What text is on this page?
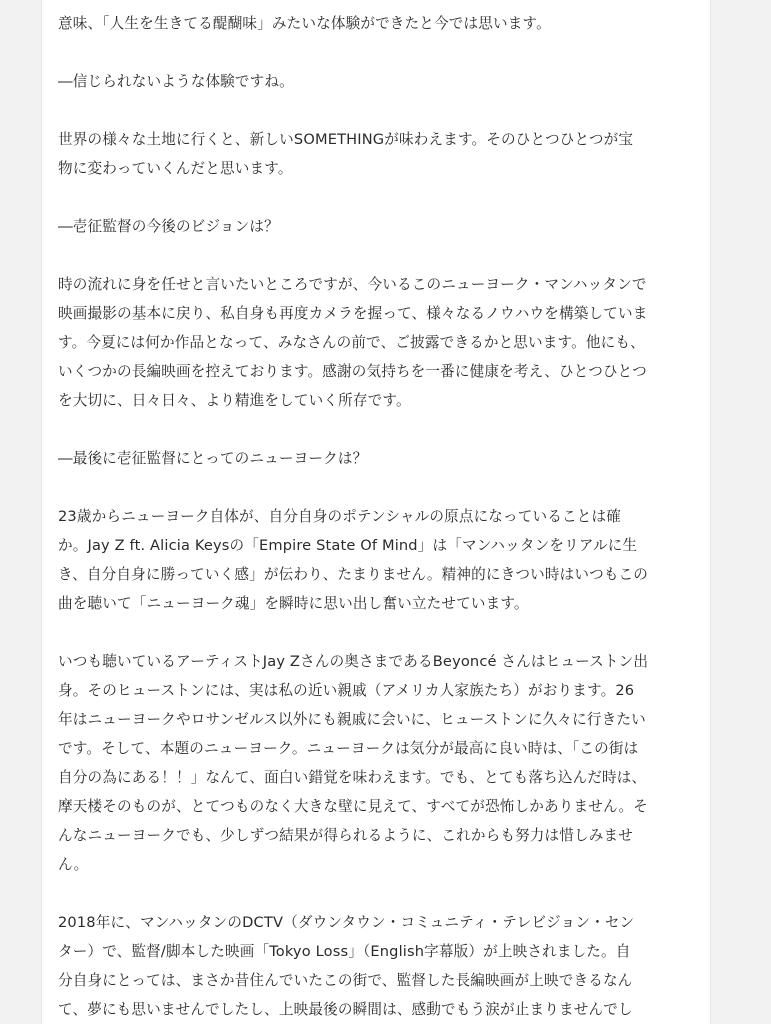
意味、「人生を生きてる醍醐味」みたいな体験ができたと今では思います。
―信じられないような体験ですね。
世界の様々な土地に行くと、新しいSOMETHINGが味わえます。そのひとつひとつが宝
物に変わっていくんだと思います。
―壱征監督の今後のビジョンは？
時の流れに身を任せと言いたいところですが、今いるこのニューヨーク・マンハッタンで
映画撮影の基本に戻り、私自身も再度カメラを握って、様々なるノウハウを構築していま
す。今夏には何か作品となって、みなさんの前で、ご披露できるかと思います。他にも、
いくつかの長編映画を控えております。感謝の気持ちを一番に健康を考え、ひとつひとつ
を大切に、日々日々、より精進をしていく所存です。
―最後に壱征監督にとってのニューヨークは？
23歳からニューヨーク自体が、自分自身のポテンシャルの原点になっていることは確
か。Jay Z ft. Alicia Keysの「Empire State Of Mind」は「マンハッタンをリアルに生
き、自分自身に勝っていく感」が伝わり、たまりません。精神的にきつい時はいつもこの
曲を聴いて「ニューヨーク魂」を瞬時に思い出し奮い立たせています。
いつも聴いているアーティストJay Zさんの奥さまであるBeyoncé さんはヒューストン出
身。そのヒューストンには、実は私の近い親戚（アメリカ人家族たち）がおります。26
年はニューヨークやロサンゼルス以外にも親戚に会いに、ヒューストンに久々に行きたい
です。そして、本題のニューヨーク。ニューヨークは気分が最高に良い時は、「この街は
自分の為にある！！」なんて、面白い錯覚を味わえます。でも、とても落ち込んだ時は、
摩天楼そのものが、とてつものなく大きな壁に見えて、すべてが恐怖しかありません。そ
んなニューヨークでも、少しずつ結果が得られるように、これからも努力は惜しみませ
ん。
2018年に、マンハッタンのDCTV（ダウンタウン・コミュニティ・テレビジョン・セン
ター）で、監督/脚本した映画「Tokyo Loss」（English字幕版）が上映されました。自
分自身にとっては、まさか昔住んでいたこの街で、監督した長編映画が上映できるなん
て、夢にも思いませんでしたし、上映最後の瞬間は、感動でもう涙が止まりませんでし
